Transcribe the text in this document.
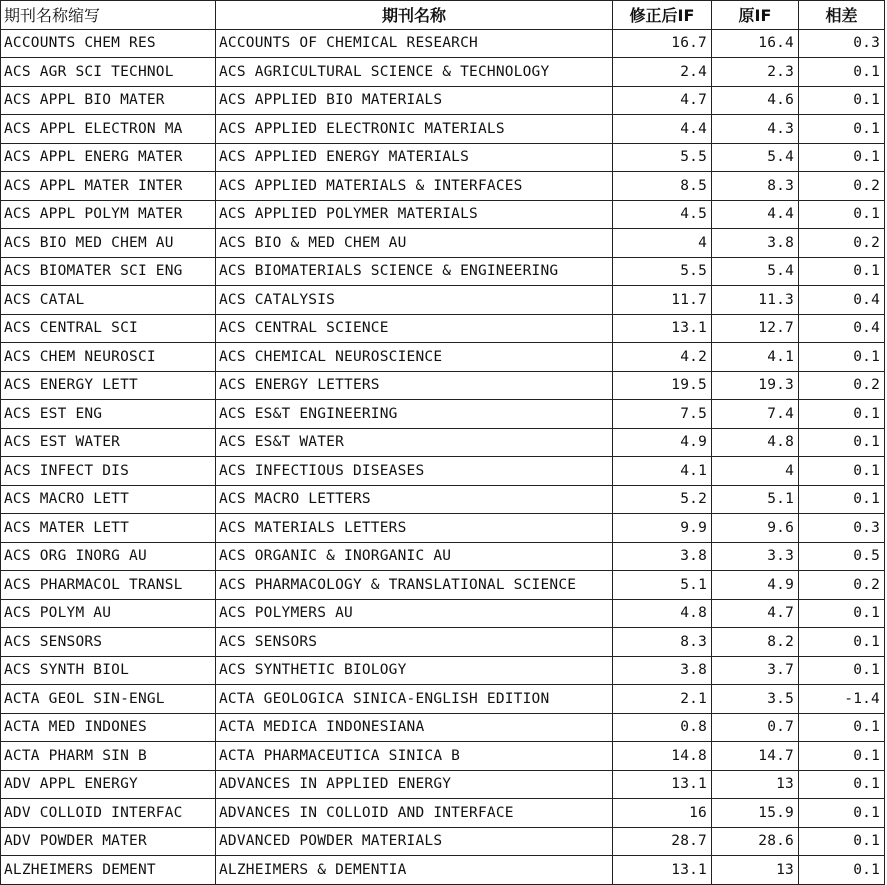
期刊名称缩写	期刊名称	修正后IF	原IF	相差
ACCOUNTS CHEM RES	ACCOUNTS OF CHEMICAL RESEARCH	16.7	16.4	0.3
ACS AGR SCI TECHNOL	ACS AGRICULTURAL SCIENCE & TECHNOLOGY	2.4	2.3	0.1
ACS APPL BIO MATER	ACS APPLIED BIO MATERIALS	4.7	4.6	0.1
ACS APPL ELECTRON MA	ACS APPLIED ELECTRONIC MATERIALS	4.4	4.3	0.1
ACS APPL ENERG MATER	ACS APPLIED ENERGY MATERIALS	5.5	5.4	0.1
ACS APPL MATER INTER	ACS APPLIED MATERIALS & INTERFACES	8.5	8.3	0.2
ACS APPL POLYM MATER	ACS APPLIED POLYMER MATERIALS	4.5	4.4	0.1
ACS BIO MED CHEM AU	ACS BIO & MED CHEM AU	4	3.8	0.2
ACS BIOMATER SCI ENG	ACS BIOMATERIALS SCIENCE & ENGINEERING	5.5	5.4	0.1
ACS CATAL	ACS CATALYSIS	11.7	11.3	0.4
ACS CENTRAL SCI	ACS CENTRAL SCIENCE	13.1	12.7	0.4
ACS CHEM NEUROSCI	ACS CHEMICAL NEUROSCIENCE	4.2	4.1	0.1
ACS ENERGY LETT	ACS ENERGY LETTERS	19.5	19.3	0.2
ACS EST ENG	ACS ES&T ENGINEERING	7.5	7.4	0.1
ACS EST WATER	ACS ES&T WATER	4.9	4.8	0.1
ACS INFECT DIS	ACS INFECTIOUS DISEASES	4.1	4	0.1
ACS MACRO LETT	ACS MACRO LETTERS	5.2	5.1	0.1
ACS MATER LETT	ACS MATERIALS LETTERS	9.9	9.6	0.3
ACS ORG INORG AU	ACS ORGANIC & INORGANIC AU	3.8	3.3	0.5
ACS PHARMACOL TRANSL	ACS PHARMACOLOGY & TRANSLATIONAL SCIENCE	5.1	4.9	0.2
ACS POLYM AU	ACS POLYMERS AU	4.8	4.7	0.1
ACS SENSORS	ACS SENSORS	8.3	8.2	0.1
ACS SYNTH BIOL	ACS SYNTHETIC BIOLOGY	3.8	3.7	0.1
ACTA GEOL SIN-ENGL	ACTA GEOLOGICA SINICA-ENGLISH EDITION	2.1	3.5	-1.4
ACTA MED INDONES	ACTA MEDICA INDONESIANA	0.8	0.7	0.1
ACTA PHARM SIN B	ACTA PHARMACEUTICA SINICA B	14.8	14.7	0.1
ADV APPL ENERGY	ADVANCES IN APPLIED ENERGY	13.1	13	0.1
ADV COLLOID INTERFAC	ADVANCES IN COLLOID AND INTERFACE	16	15.9	0.1
ADV POWDER MATER	ADVANCED POWDER MATERIALS	28.7	28.6	0.1
ALZHEIMERS DEMENT	ALZHEIMERS & DEMENTIA	13.1	13	0.1
